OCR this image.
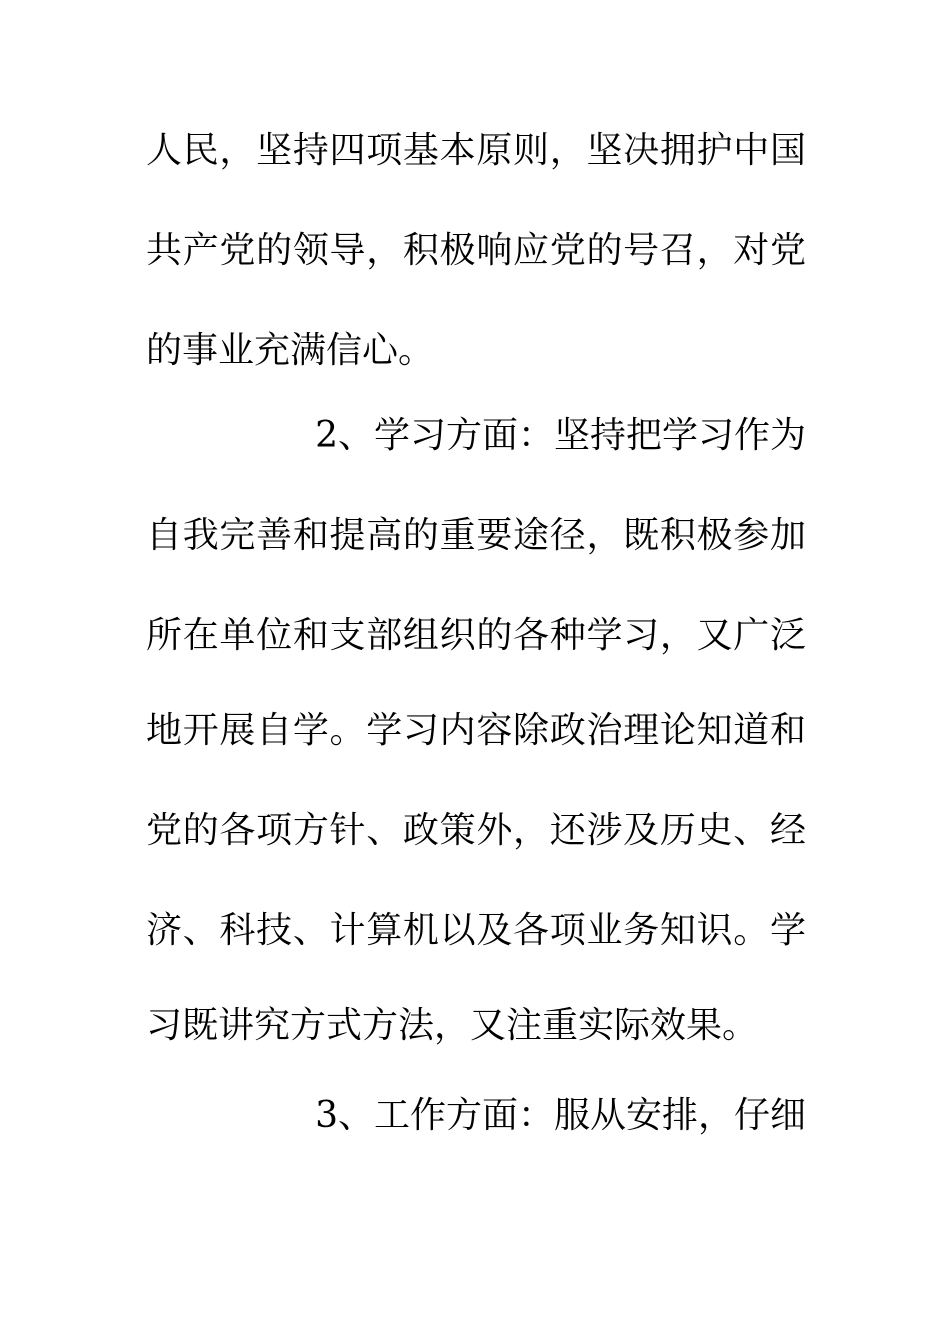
人民，坚持四项基本原则，坚决拥护中国
共产党的领导，积极响应党的号召，对党
的事业充满信心。
2、学习方面：坚持把学习作为
自我完善和提高的重要途径，既积极参加
所在单位和支部组织的各种学习，又广泛
地开展自学。学习内容除政治理论知道和
党的各项方针、政策外，还涉及历史、经
济、科技、计算机以及各项业务知识。学
习既讲究方式方法，又注重实际效果。
3、工作方面：服从安排，仔细
